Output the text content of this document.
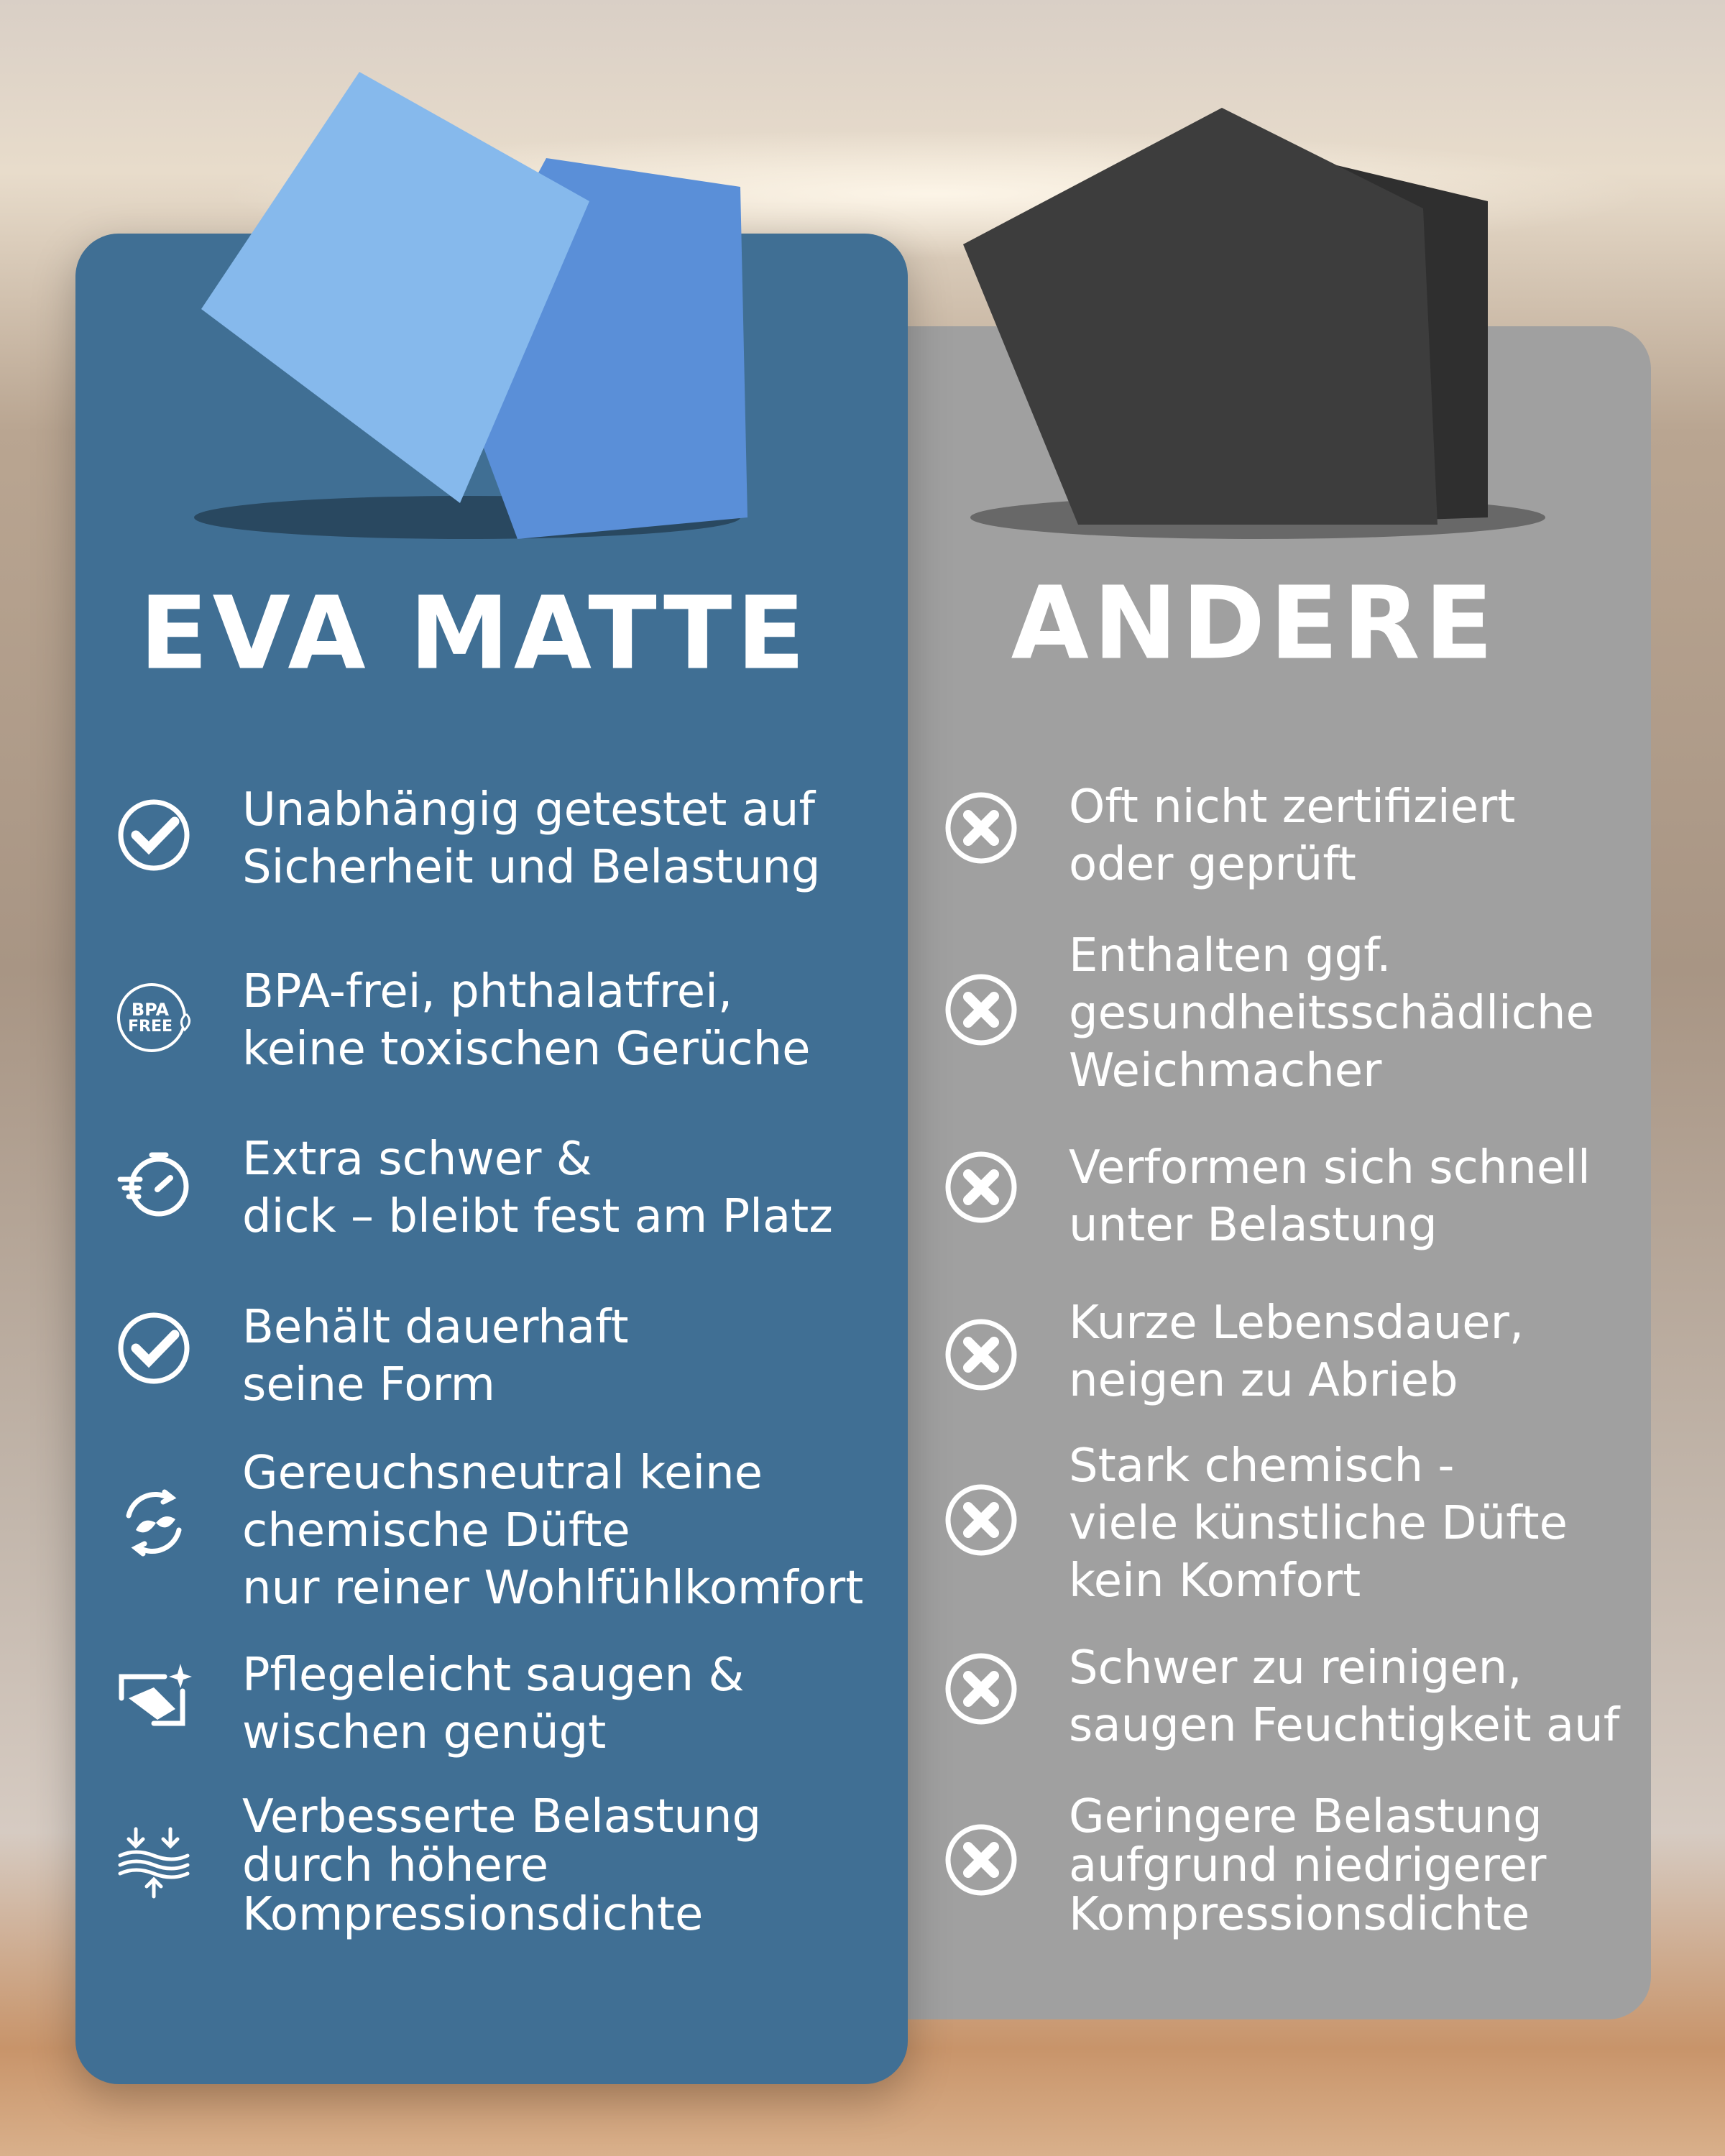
EVA MATTE ANDERE
Unabhängig getestet auf
Sicherheit und Belastung
BPA
FREE
BPA-frei, phthalatfrei,
keine toxischen Gerüche
Extra schwer &
dick – bleibt fest am Platz
Behält dauerhaft
seine Form
Gereuchsneutral keine
chemische Düfte
nur reiner Wohlfühlkomfort
Pflegeleicht saugen &
wischen genügt
Verbesserte Belastung
durch höhere
Kompressionsdichte
Oft nicht zertifiziert
oder geprüft
Enthalten ggf.
gesundheitsschädliche
Weichmacher
Verformen sich schnell
unter Belastung
Kurze Lebensdauer,
neigen zu Abrieb
Stark chemisch -
viele künstliche Düfte
kein Komfort
Schwer zu reinigen,
saugen Feuchtigkeit auf
Geringere Belastung
aufgrund niedrigerer
Kompressionsdichte
